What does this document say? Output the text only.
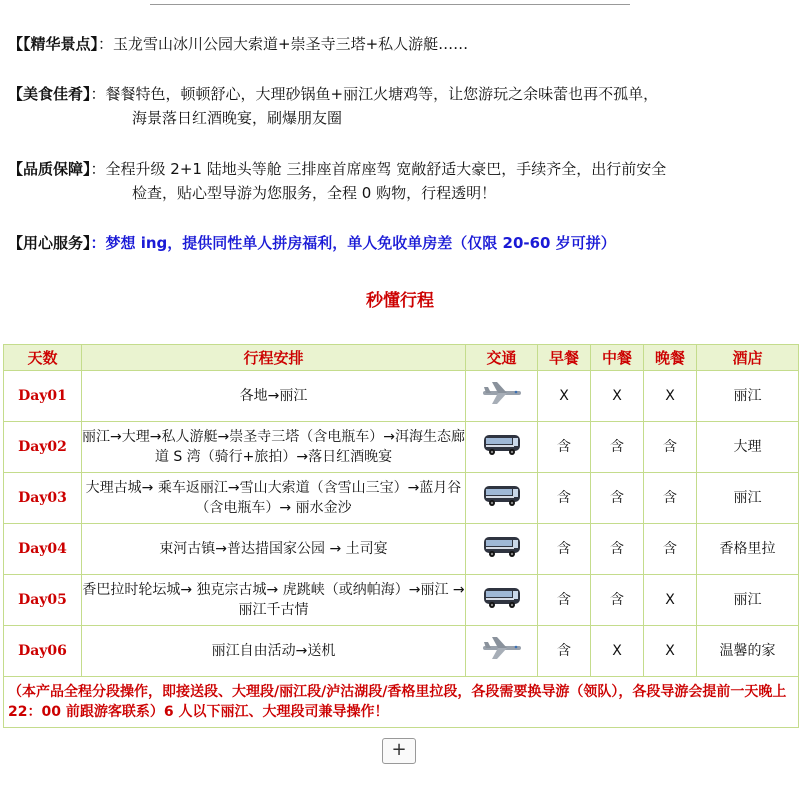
【【精华景点】：玉龙雪山冰川公园大索道+崇圣寺三塔+私人游艇……
【美食佳肴】：餐餐特色，顿顿舒心，大理砂锅鱼+丽江火塘鸡等，让您游玩之余味蕾也再不孤单，
海景落日红酒晚宴，刷爆朋友圈
【品质保障】：全程升级 2+1 陆地头等舱 三排座首席座驾 宽敞舒适大豪巴，手续齐全，出行前安全
检查，贴心型导游为您服务，全程 0 购物，行程透明！
【用心服务】：梦想 ing，提供同性单人拼房福利，单人免收单房差（仅限 20-60 岁可拼）
秒懂行程
天数	行程安排	交通	早餐	中餐	晚餐	酒店
Day01	各地→丽江		X	X	X	丽江
Day02	丽江→大理→私人游艇→崇圣寺三塔（含电瓶车）→洱海生态廊道 S 湾（骑行+旅拍）→落日红酒晚宴		含	含	含	大理
Day03	大理古城→ 乘车返丽江→雪山大索道（含雪山三宝）→蓝月谷（含电瓶车）→ 丽水金沙		含	含	含	丽江
Day04	束河古镇→普达措国家公园 → 土司宴		含	含	含	香格里拉
Day05	香巴拉时轮坛城→ 独克宗古城→ 虎跳峡（或纳帕海）→丽江 →丽江千古情		含	含	X	丽江
Day06	丽江自由活动→送机		含	X	X	温馨的家
（本产品全程分段操作，即接送段、大理段/丽江段/泸沽湖段/香格里拉段，各段需要换导游（领队），各段导游会提前一天晚上 22：00 前跟游客联系）6 人以下丽江、大理段司兼导操作！						
+
